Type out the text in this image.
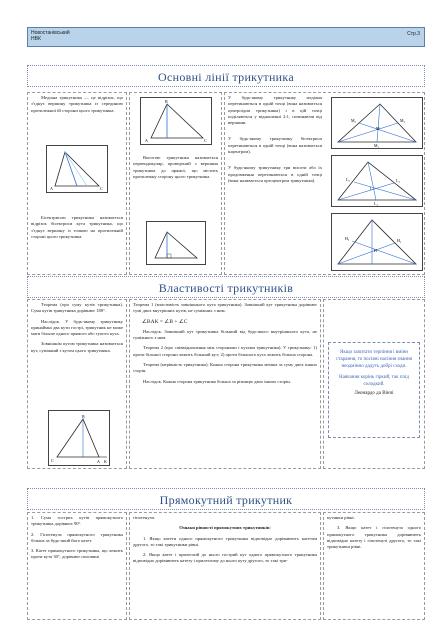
Новостанівський
НВК
Стр.3
Основні лінії трикутника
Медіана трикутника — це відрізок, що з'єднує вершину трикутника із серединою протилежної їй сторони цього трикутника.
A	C
Бісектрисою трикутника називається відрізок бісектриси кута трикутника, що з'єднує вершину із точкою на протилежній стороні цього трикутника.
A
B
C
Висотою трикутника називається перпендикуляр, проведений з вершини трикутника до прямої, що містить протилежну сторону цього трикутника.
У будь-якому трикутнику медіани перетинаються в одній точці (вона називається центроїдом трикутника) і в цій точці поділяються у відношенні 2:1, починаючи від вершини.
У будь-якому трикутнику бісектриси перетинаються в одній точці (вона називається інцентром).
У будь-якому трикутнику три висоти або їх продовження перетинаються в одній точці (вона називається ортоцентром трикутника).
M
M₁
M₂
M₃
L
L₁
L₂
L₃
H
H₁
H₂
Властивості трикутників
Теорема (про суму кутів трикутника). Сума кутів трикутника дорівнює 180°.
Наслідок. У будь-якому трикутнику принаймні два кути гострі, трикутник не може мати більше одного прямого або тупого кута.
Зовнішнім кутом трикутника називається кут, суміжний з кутом цього трикутника.
C
B
A K
Теорема 1 (властивість зовнішнього кута трикутника). Зовнішній кут трикутника дорівнює сумі двох внутрішніх кутів, не суміжних з ним.
∠BAK = ∠B + ∠C
Наслідок. Зовнішній кут трикутника більший від будь-якого внутрішнього кута, не суміжного з ним.
Теорема 2 (про співвідношення між сторонами і кутами трикутника). У трикутнику: 1) проти більшої сторони лежить більший кут; 2) проти більшого кута лежить більша сторона.
Теорема (нерівність трикутника). Кожна сторона трикутника менша за суму двох інших сторін.
Наслідок. Кожна сторона трикутника більша за різницю двох інших сторін.
Якщо запитати терпіння і вмінн старання, то посіяні насіння знання неодмінно дадуть добрі сходи.
Навчання корінь гіркий, так плід солодкий.
Леонардо да Вінчі
Прямокутний трикутник
1. Сума гострих кутів прямокутного трикутника дорівнює 90°.
2. Гіпотенуза прямокутного трикутника більша за будь-який його катет.
3. Катет прямокутного трикутника, що лежить проти кута 30°, дорівнює половині
гіпотенузи.
Ознаки рівності прямокутних трикутників:
1. Якщо катети одного прямокутного трикутника відповідно дорівнюють катетам другого, то такі трикутники рівні.
2. Якщо катет і прилеглий до нього гострий кут одного прямокутного трикутника відповідно дорівнюють катету і прилеглому до нього куту другого, то такі три-
кутники рівні.
3. Якщо катет і гіпотенуза одного прямокутного трикутника дорівнюють відповідно катету і гіпотенузі другого, то такі трикутники рівні.
